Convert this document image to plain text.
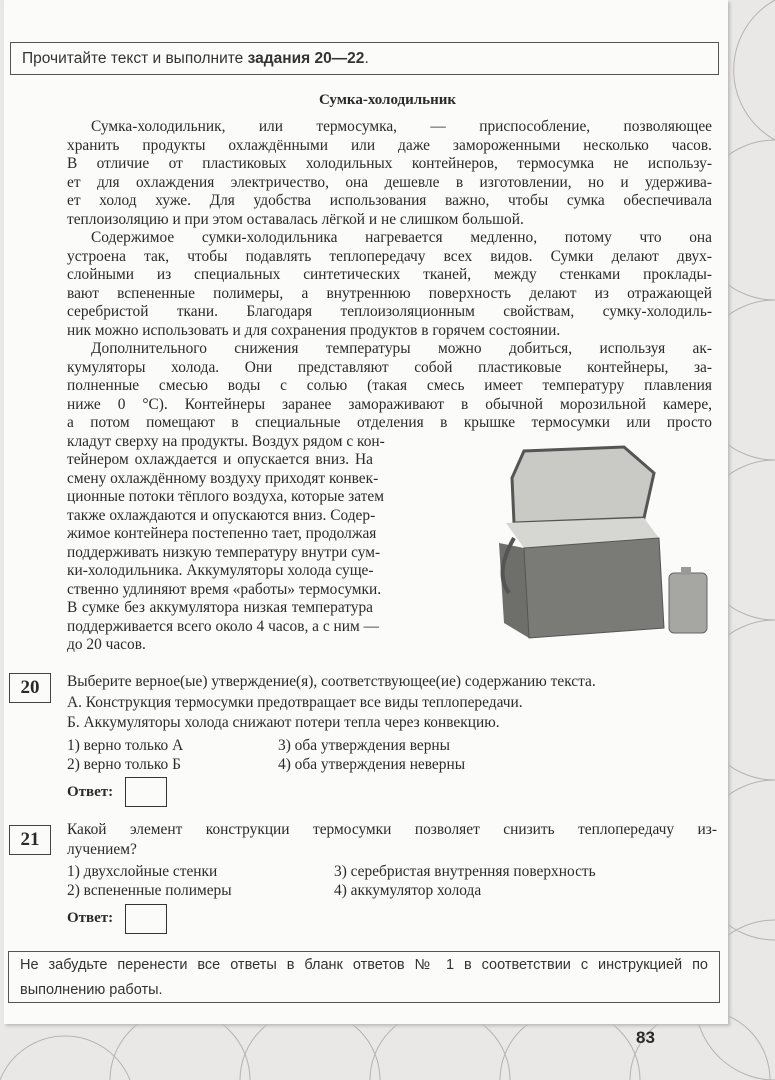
Прочитайте текст и выполните задания 20—22.
Сумка-холодильник
Сумка-холодильник, или термосумка, — приспособление, позволяющее
хранить продукты охлаждёнными или даже замороженными несколько часов.
В отличие от пластиковых холодильных контейнеров, термосумка не использу-
ет для охлаждения электричество, она дешевле в изготовлении, но и удержива-
ет холод хуже. Для удобства использования важно, чтобы сумка обеспечивала
теплоизоляцию и при этом оставалась лёгкой и не слишком большой.
Содержимое сумки-холодильника нагревается медленно, потому что она
устроена так, чтобы подавлять теплопередачу всех видов. Сумки делают двух-
слойными из специальных синтетических тканей, между стенками проклады-
вают вспененные полимеры, а внутреннюю поверхность делают из отражающей
серебристой ткани. Благодаря теплоизоляционным свойствам, сумку-холодиль-
ник можно использовать и для сохранения продуктов в горячем состоянии.
Дополнительного снижения температуры можно добиться, используя ак-
кумуляторы холода. Они представляют собой пластиковые контейнеры, за-
полненные смесью воды с солью (такая смесь имеет температуру плавления
ниже 0 °С). Контейнеры заранее замораживают в обычной морозильной камере,
а потом помещают в специальные отделения в крышке термосумки или просто
кладут сверху на продукты. Воздух рядом с кон-
тейнером охлаждается и опускается вниз. На
смену охлаждённому воздуху приходят конвек-
ционные потоки тёплого воздуха, которые затем
также охлаждаются и опускаются вниз. Содер-
жимое контейнера постепенно тает, продолжая
поддерживать низкую температуру внутри сум-
ки-холодильника. Аккумуляторы холода суще-
ственно удлиняют время «работы» термосумки.
В сумке без аккумулятора низкая температура
поддерживается всего около 4 часов, а с ним —
до 20 часов.
20	Выберите верное(ые) утверждение(я), соответствующее(ие) содержанию текста.
А. Конструкция термосумки предотвращает все виды теплопередачи.
Б. Аккумуляторы холода снижают потери тепла через конвекцию.
1) верно только А
2) верно только Б
3) оба утверждения верны
4) оба утверждения неверны
Ответ:
21	Какой элемент конструкции термосумки позволяет снизить теплопередачу из-
лучением?
1) двухслойные стенки
2) вспененные полимеры
3) серебристая внутренняя поверхность
4) аккумулятор холода
Ответ:
Не забудьте перенести все ответы в бланк ответов № 1 в соответствии с инструкцией по
выполнению работы.
83
